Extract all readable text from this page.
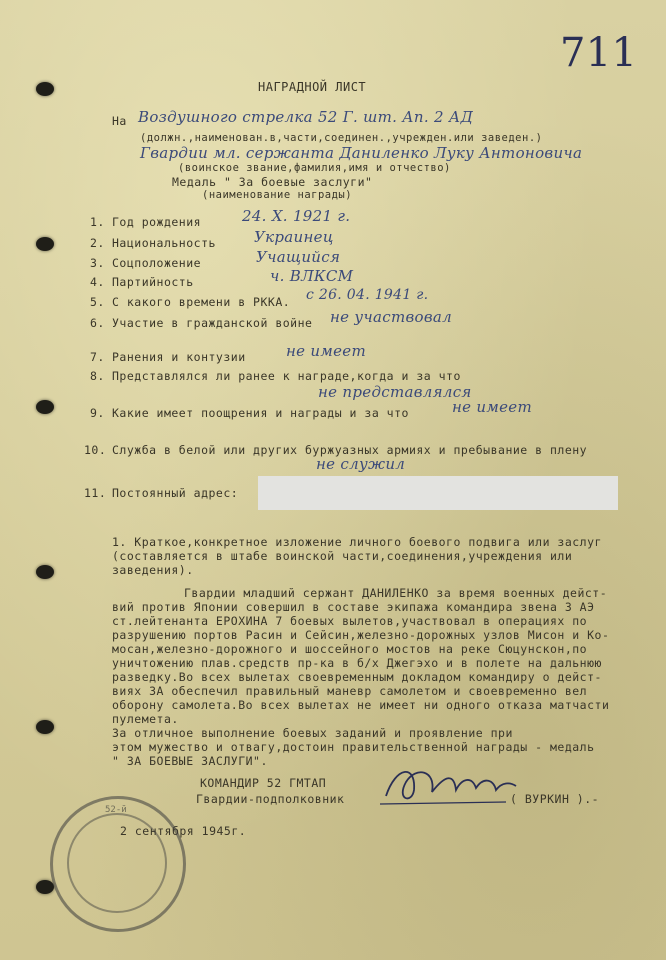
711
НАГРАДНОЙ ЛИСТ
На Воздушного стрелка 52 Г. шт. Ап. 2 АД
(должн.,наименован.в,части,соединен.,учрежден.или заведен.)
Гвардии мл. сержанта Даниленко Луку Антоновича
(воинское звание,фамилия,имя и отчество)
Медаль " За боевые заслуги"
(наименование награды)
1. Год рождения	24. X. 1921 г.
2. Национальность	Украинец
3. Соцположение	Учащийся
4. Партийность	ч. ВЛКСМ
5. С какого времени в РККА. с 26. 04. 1941 г.
6. Участие в гражданской войне не участвовал
7. Ранения и контузии	не имеет
8. Представлялся ли ранее к награде,когда и за что
не представлялся
9. Какие имеет поощрения и награды и за что	не имеет
10. Служба в белой или других буржуазных армиях и пребывание в плену
не служил
11. Постоянный адрес:
1. Краткое,конкретное изложение личного боевого подвига или заслуг
(составляется в штабе воинской части,соединения,учреждения или
заведения).
Гвардии младший сержант ДАНИЛЕНКО за время военных дейст-
вий против Японии совершил в составе экипажа командира звена 3 АЭ
ст.лейтенанта ЕРОХИНА 7 боевых вылетов,участвовал в операциях по
разрушению портов Расин и Сейсин,железно-дорожных узлов Мисон и Ко-
мосан,железно-дорожного и шоссейного мостов на реке Сюцунскон,по
уничтожению плав.средств пр-ка в б/х Джегэхо и в полете на дальнюю
разведку.Во всех вылетах своевременным докладом командиру о дейст-
виях ЗА обеспечил правильный маневр самолетом и своевременно вел
оборону самолета.Во всех вылетах не имеет ни одного отказа матчасти
пулемета.
За отличное выполнение боевых заданий и проявление при
этом мужество и отвагу,достоин правительственной награды - медаль
" ЗА БОЕВЫЕ ЗАСЛУГИ".
КОМАНДИР 52 ГМТАП
Гвардии-подполковник	( ВУРКИН ).-
2 сентября 1945г.
52-й
